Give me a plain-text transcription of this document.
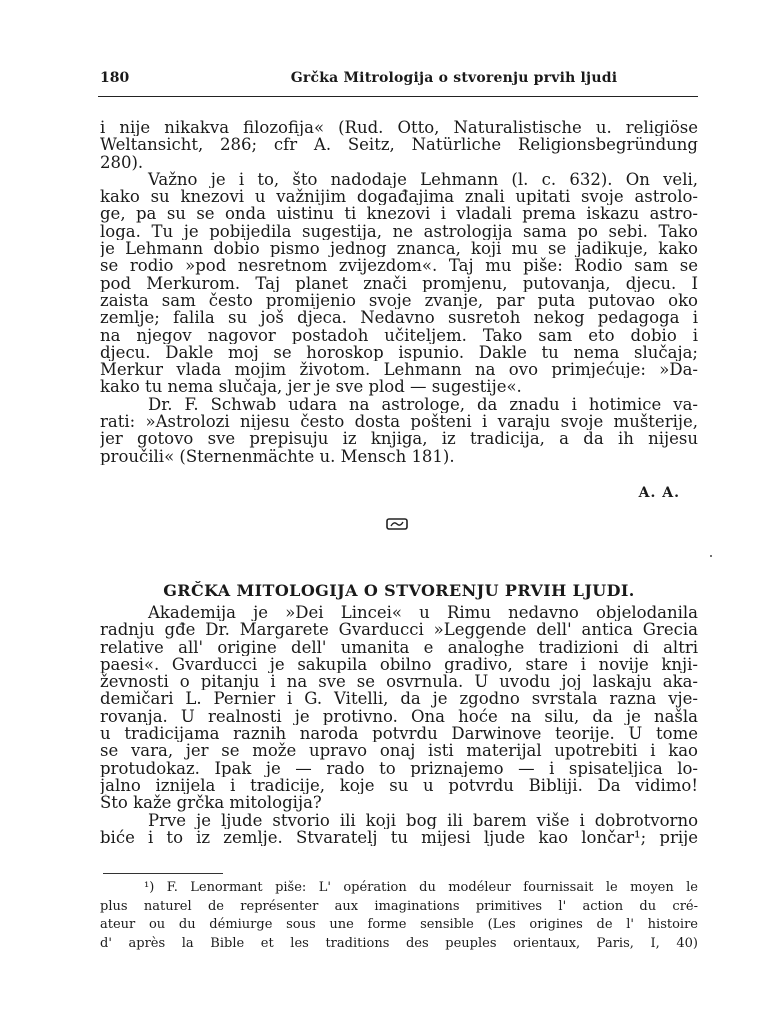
180	Grčka Mitrologija o stvorenju prvih ljudi
i nije nikakva filozofija« (Rud. Otto, Naturalistische u. religiöse
Weltansicht, 286; cfr A. Seitz, Natürliche Religionsbegründung
280).
Važno je i to, što nadodaje Lehmann (l. c. 632). On veli,
kako su knezovi u važnijim događajima znali upitati svoje astrolo-
ge, pa su se onda uistinu ti knezovi i vladali prema iskazu astro-
loga. Tu je pobijedila sugestija, ne astrologija sama po sebi. Tako
je Lehmann dobio pismo jednog znanca, koji mu se jadikuje, kako
se rodio »pod nesretnom zvijezdom«. Taj mu piše: Rodio sam se
pod Merkurom. Taj planet znači promjenu, putovanja, djecu. I
zaista sam često promijenio svoje zvanje, par puta putovao oko
zemlje; falila su još djeca. Nedavno susretoh nekog pedagoga i
na njegov nagovor postadoh učiteljem. Tako sam eto dobio i
djecu. Dakle moj se horoskop ispunio. Dakle tu nema slučaja;
Merkur vlada mojim životom. Lehmann na ovo primjećuje: »Da-
kako tu nema slučaja, jer je sve plod — sugestije«.
Dr. F. Schwab udara na astrologe, da znadu i hotimice va-
rati: »Astrolozi nijesu često dosta pošteni i varaju svoje mušterije,
jer gotovo sve prepisuju iz knjiga, iz tradicija, a da ih nijesu
proučili« (Sternenmächte u. Mensch 181).
A. A.
GRČKA MITOLOGIJA O STVORENJU PRVIH LJUDI.
Akademija je »Dei Lincei« u Rimu nedavno objelodanila
radnju gđe Dr. Margarete Gvarducci »Leggende dell' antica Grecia
relative all' origine dell' umanita e analoghe tradizioni di altri
paesi«. Gvarducci je sakupila obilno gradivo, stare i novije knji-
ževnosti o pitanju i na sve se osvrnula. U uvodu joj laskaju aka-
demičari L. Pernier i G. Vitelli, da je zgodno svrstala razna vje-
rovanja. U realnosti je protivno. Ona hoće na silu, da je našla
u tradicijama raznih naroda potvrdu Darwinove teorije. U tome
se vara, jer se može upravo onaj isti materijal upotrebiti i kao
protudokaz. Ipak je — rado to priznajemo — i spisateljica lo-
jalno iznijela i tradicije, koje su u potvrdu Bibliji. Da vidimo!
Što kaže grčka mitologija?
Prve je ljude stvorio ili koji bog ili barem više i dobrotvorno
biće i to iz zemlje. Stvaratelj tu mijesi ljude kao lončar¹; prije
¹) F. Lenormant piše: L' opération du modéleur fournissait le moyen le
plus naturel de représenter aux imaginations primitives l' action du cré-
ateur ou du démiurge sous une forme sensible (Les origines de l' histoire
d' après la Bible et les traditions des peuples orientaux, Paris, I, 40)
